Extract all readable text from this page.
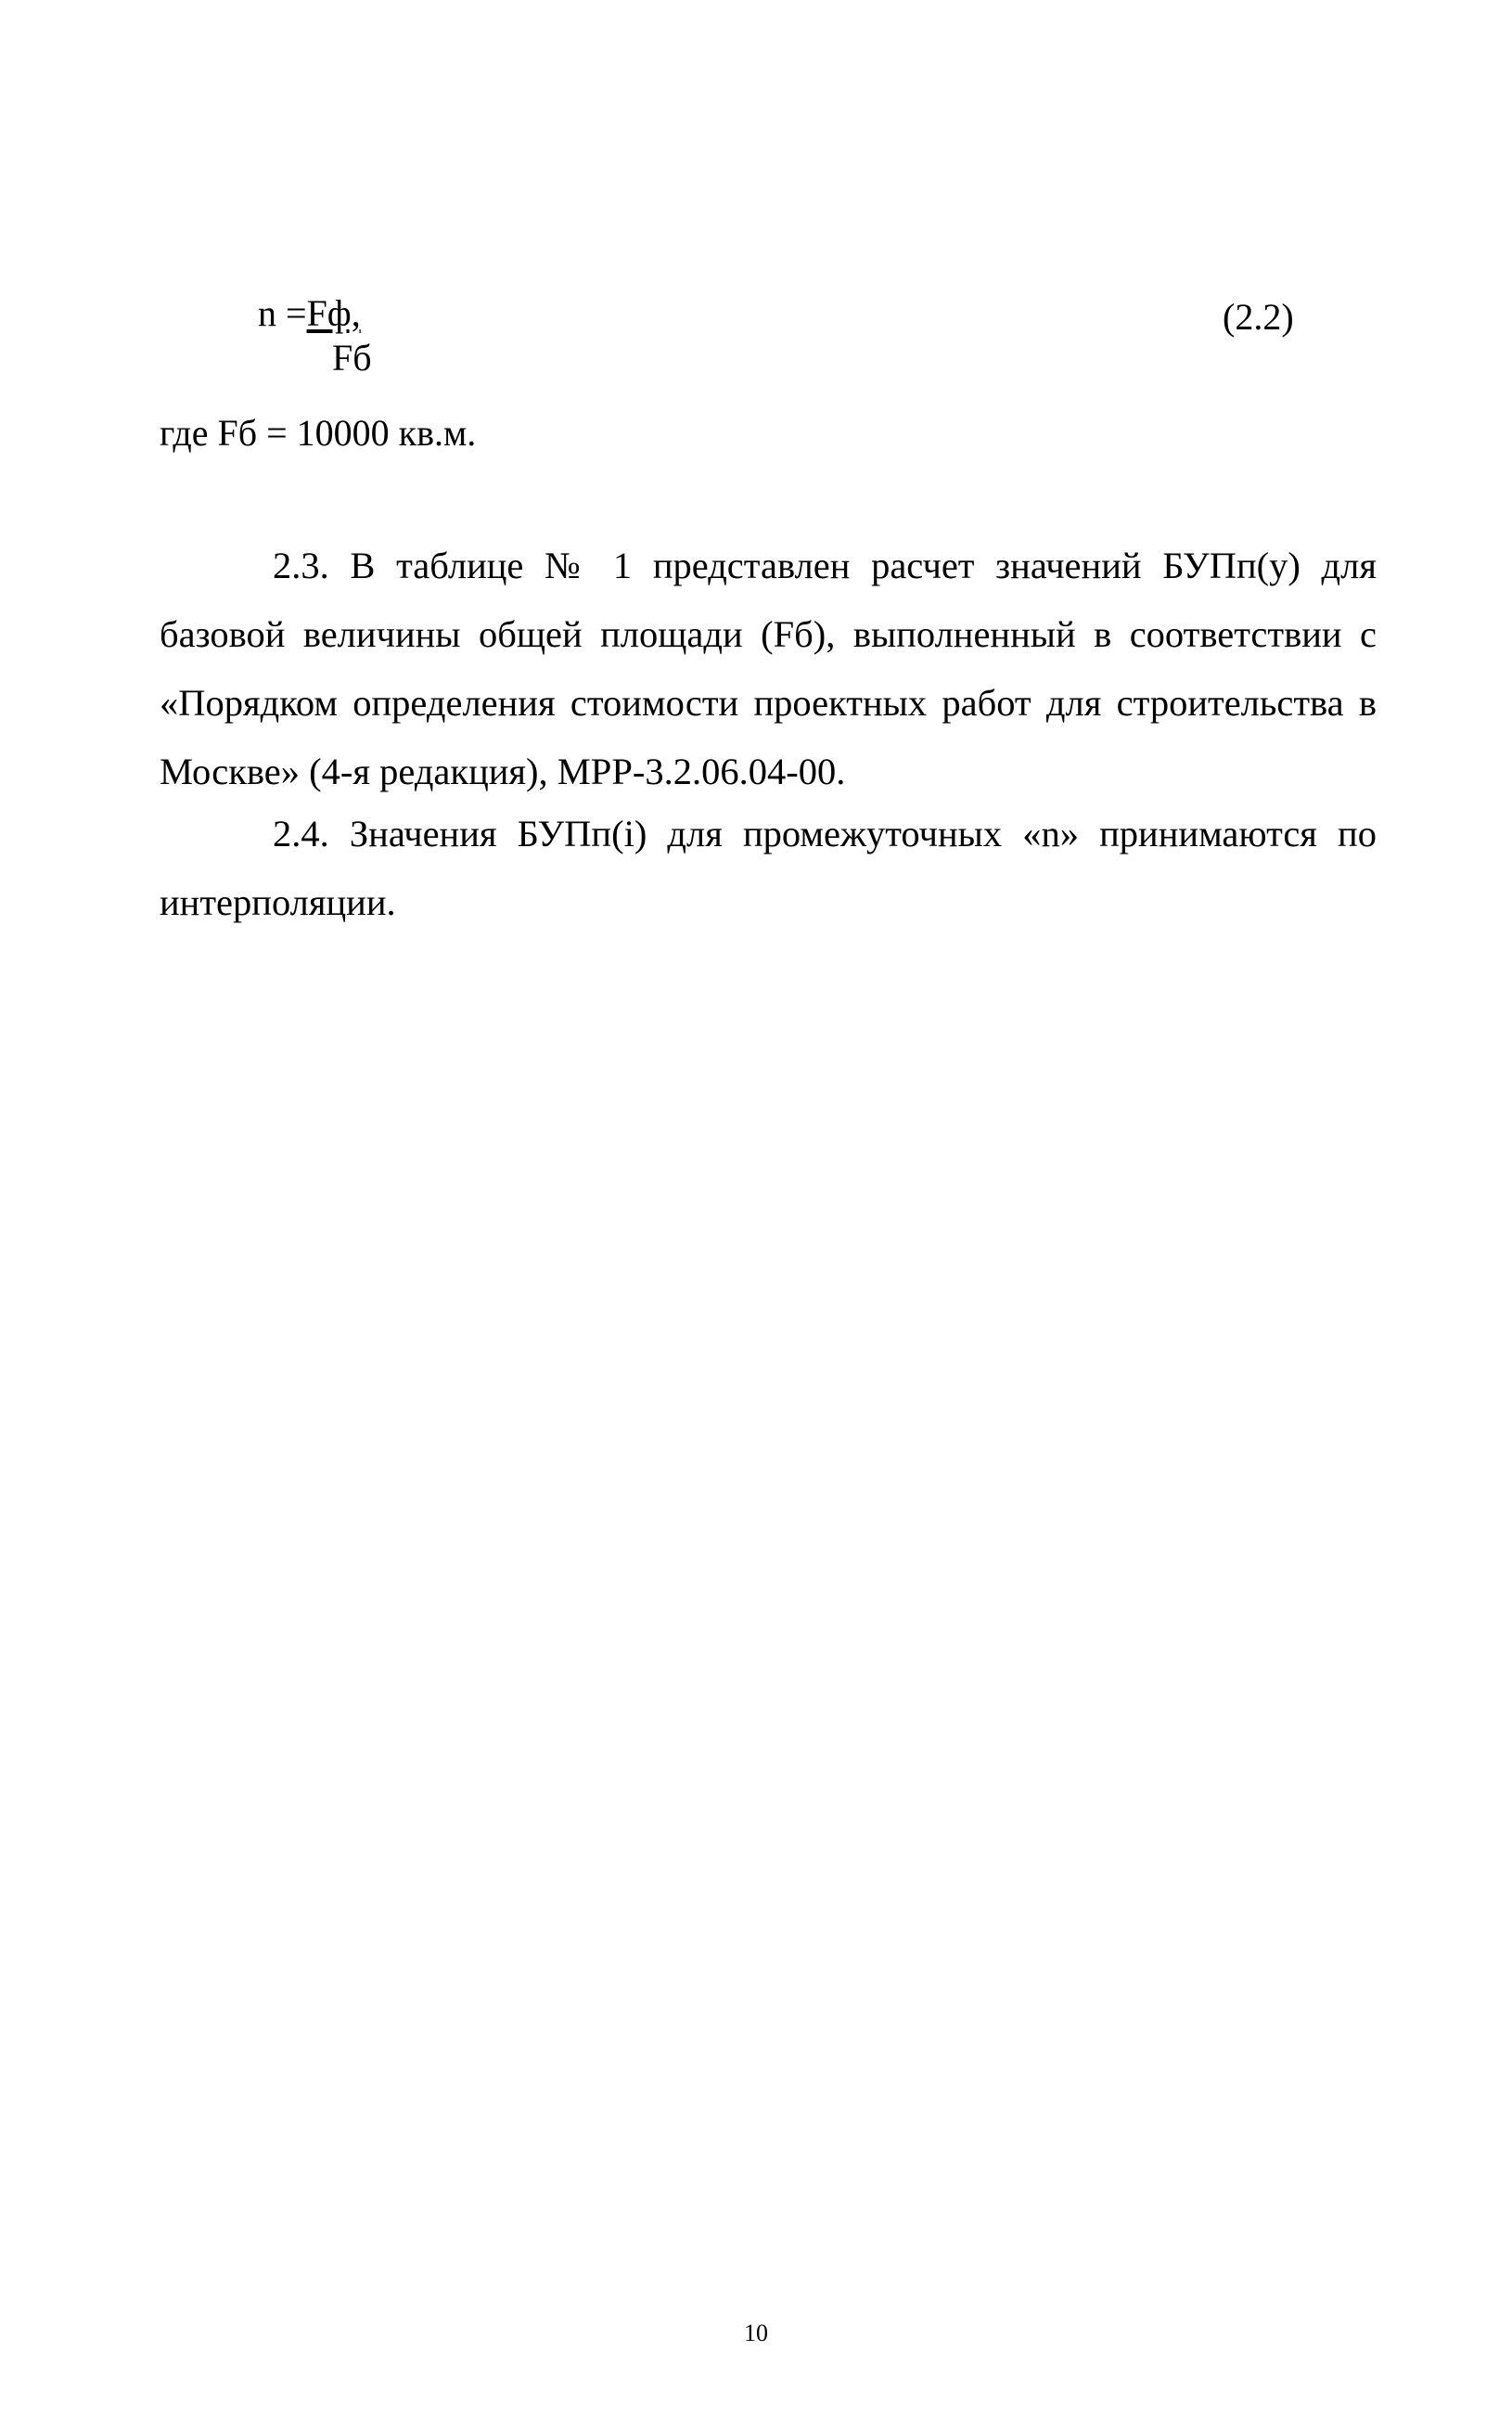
n = Fф,
Fб
(2.2)
где Fб = 10000 кв.м.

2.3. В таблице № 1 представлен расчет значений БУПп(у) для базовой величины общей площади (Fб), выполненный в соответствии с «Порядком определения стоимости проектных работ для строительства в Москве» (4-я редакция), МРР-3.2.06.04-00.

2.4. Значения БУПп(i) для промежуточных «n» принимаются по интерполяции.

10
